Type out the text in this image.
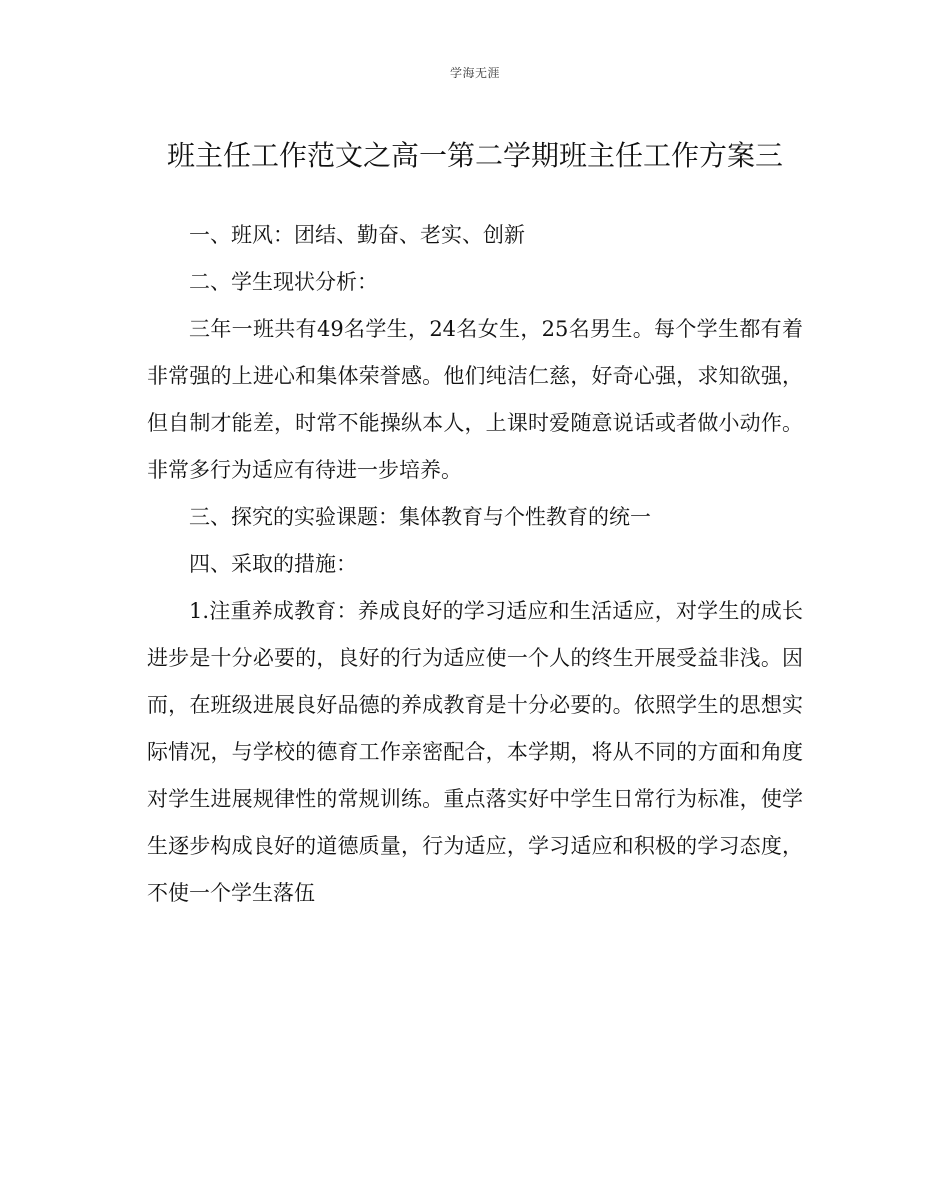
学海无涯
班主任工作范文之高一第二学期班主任工作方案三

一、班风：团结、勤奋、老实、创新

二、学生现状分析：

三年一班共有49名学生，24名女生，25名男生。每个学生都有着非常强的上进心和集体荣誉感。他们纯洁仁慈，好奇心强，求知欲强，但自制才能差，时常不能操纵本人，上课时爱随意说话或者做小动作。非常多行为适应有待进一步培养。

三、探究的实验课题：集体教育与个性教育的统一

四、采取的措施：

1.注重养成教育：养成良好的学习适应和生活适应，对学生的成长进步是十分必要的，良好的行为适应使一个人的终生开展受益非浅。因而，在班级进展良好品德的养成教育是十分必要的。依照学生的思想实际情况，与学校的德育工作亲密配合，本学期，将从不同的方面和角度对学生进展规律性的常规训练。重点落实好中学生日常行为标准，使学生逐步构成良好的道德质量，行为适应，学习适应和积极的学习态度，不使一个学生落伍
